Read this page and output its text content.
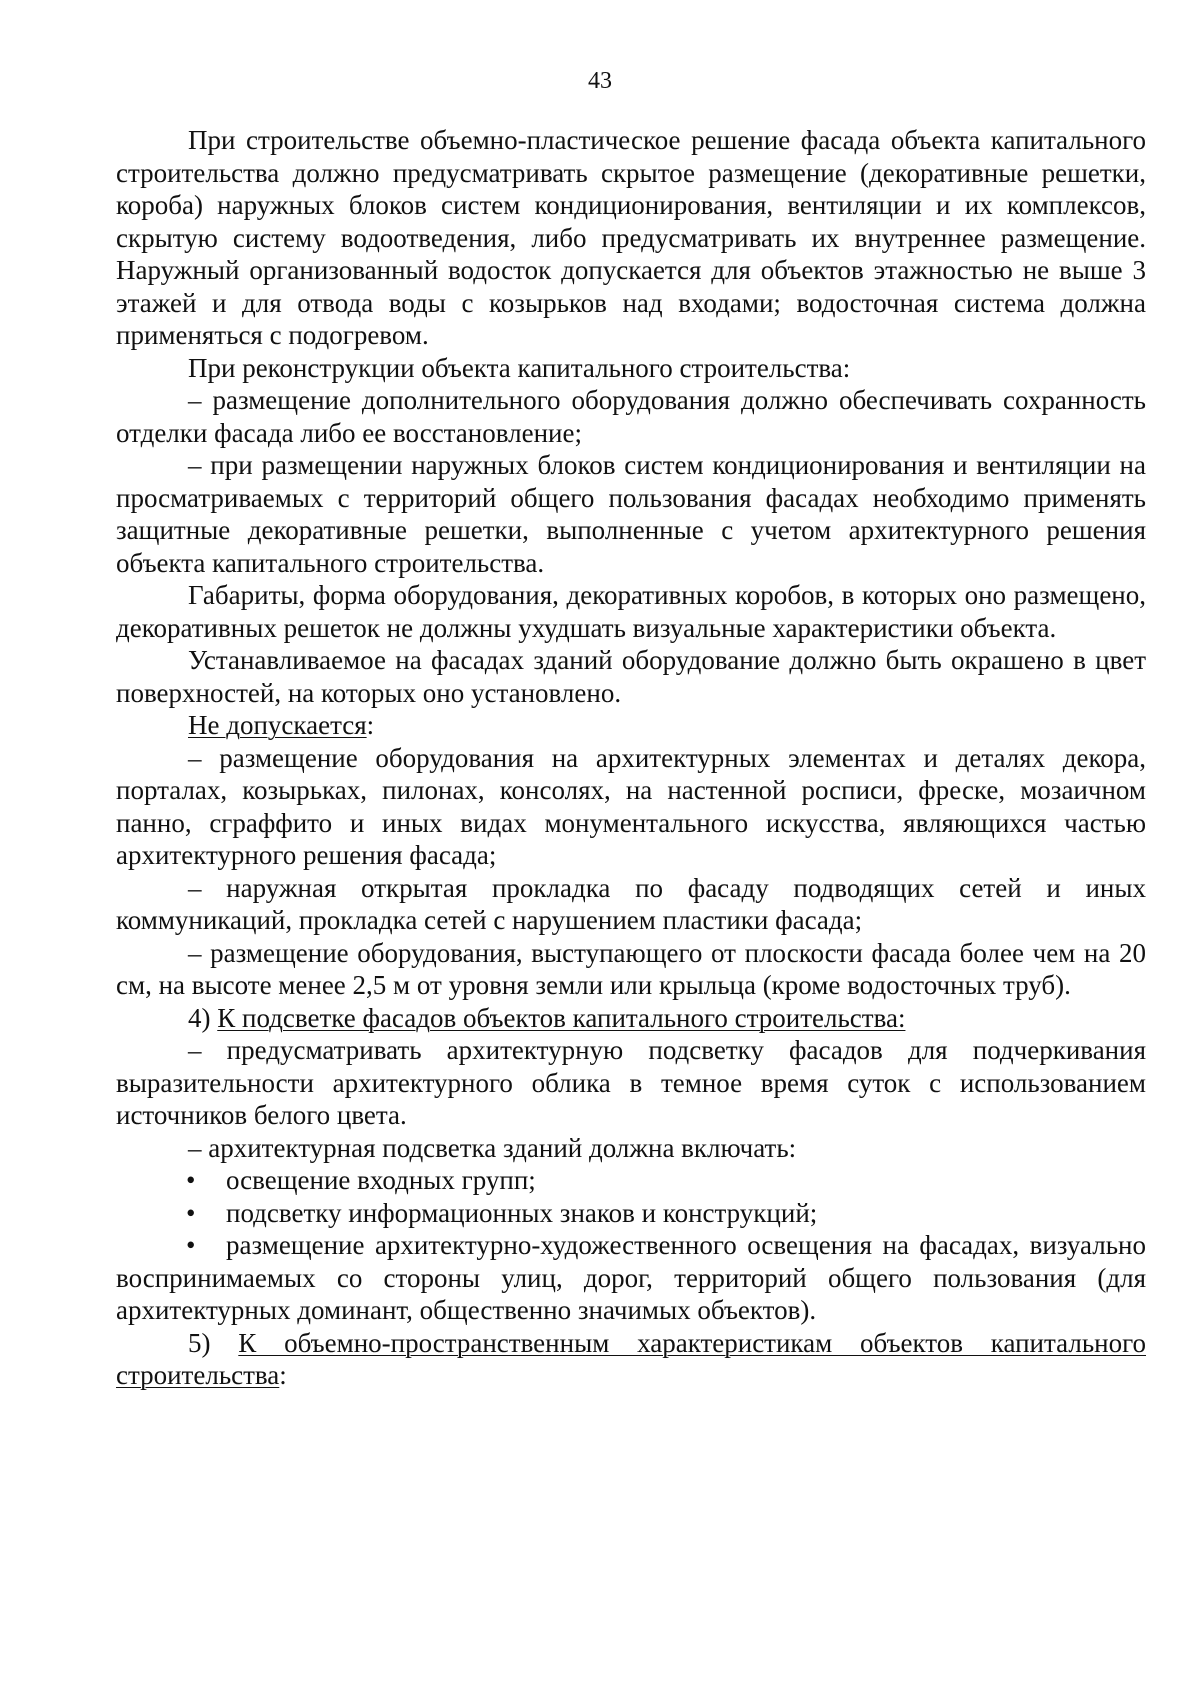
43

При строительстве объемно-пластическое решение фасада объекта капитального строительства должно предусматривать скрытое размещение (декоративные решетки, короба) наружных блоков систем кондиционирования, вентиляции и их комплексов, скрытую систему водоотведения, либо предусматривать их внутреннее размещение. Наружный организованный водосток допускается для объектов этажностью не выше 3 этажей и для отвода воды с козырьков над входами; водосточная система должна применяться с подогревом.

При реконструкции объекта капитального строительства:

– размещение дополнительного оборудования должно обеспечивать сохранность отделки фасада либо ее восстановление;

– при размещении наружных блоков систем кондиционирования и вентиляции на просматриваемых с территорий общего пользования фасадах необходимо применять защитные декоративные решетки, выполненные с учетом архитектурного решения объекта капитального строительства.

Габариты, форма оборудования, декоративных коробов, в которых оно размещено, декоративных решеток не должны ухудшать визуальные характеристики объекта.

Устанавливаемое на фасадах зданий оборудование должно быть окрашено в цвет поверхностей, на которых оно установлено.

Не допускается:

– размещение оборудования на архитектурных элементах и деталях декора, порталах, козырьках, пилонах, консолях, на настенной росписи, фреске, мозаичном панно, сграффито и иных видах монументального искусства, являющихся частью архитектурного решения фасада;

– наружная открытая прокладка по фасаду подводящих сетей и иных коммуникаций, прокладка сетей с нарушением пластики фасада;

– размещение оборудования, выступающего от плоскости фасада более чем на 20 см, на высоте менее 2,5 м от уровня земли или крыльца (кроме водосточных труб).

4) К подсветке фасадов объектов капитального строительства:

– предусматривать архитектурную подсветку фасадов для подчеркивания выразительности архитектурного облика в темное время суток с использованием источников белого цвета.

– архитектурная подсветка зданий должна включать:

• освещение входных групп;

• подсветку информационных знаков и конструкций;

• размещение архитектурно-художественного освещения на фасадах, визуально воспринимаемых со стороны улиц, дорог, территорий общего пользования (для архитектурных доминант, общественно значимых объектов).

5) К объемно-пространственным характеристикам объектов капитального строительства:
